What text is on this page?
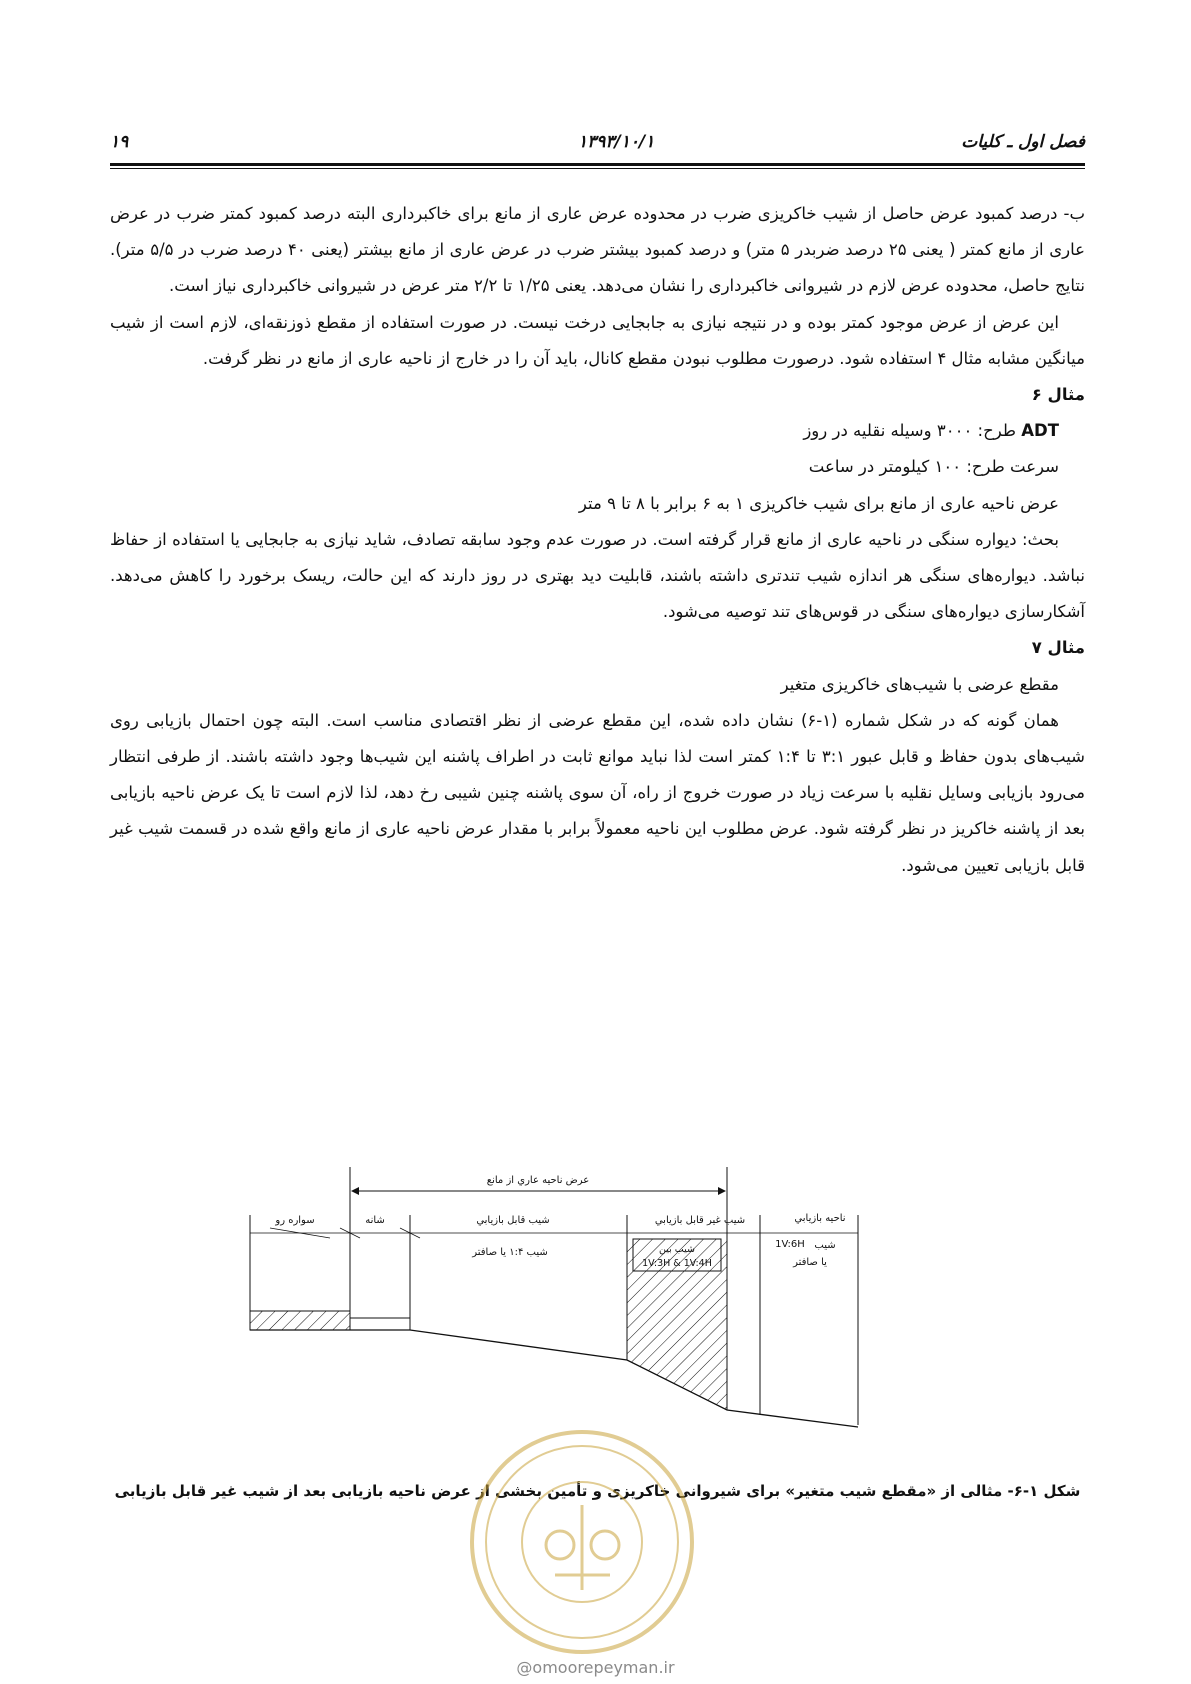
فصل اول ـ کلیات
۱۳۹۳/۱۰/۱
۱۹

ب- درصد کمبود عرض حاصل از شیب خاکریزی ضرب در محدوده عرض عاری از مانع برای خاکبرداری البته درصد کمبود کمتر ضرب در عرض عاری از مانع کمتر ( یعنی ۲۵ درصد ضربدر ۵ متر) و درصد کمبود بیشتر ضرب در عرض عاری از مانع بیشتر (یعنی ۴۰ درصد ضرب در ۵/۵ متر). نتایج حاصل، محدوده عرض لازم در شیروانی خاکبرداری را نشان می‌دهد. یعنی ۱/۲۵ تا ۲/۲ متر عرض در شیروانی خاکبرداری نیاز است.

این عرض از عرض موجود کمتر بوده و در نتیجه نیازی به جابجایی درخت نیست. در صورت استفاده از مقطع ذوزنقه‌ای، لازم است از شیب میانگین مشابه مثال ۴ استفاده شود. درصورت مطلوب نبودن مقطع کانال، باید آن را در خارج از ناحیه عاری از مانع در نظر گرفت.

مثال ۶

ADT طرح: ۳۰۰۰ وسیله نقلیه در روز

سرعت طرح: ۱۰۰ کیلومتر در ساعت

عرض ناحیه عاری از مانع برای شیب خاکریزی ۱ به ۶ برابر با ۸ تا ۹ متر

بحث: دیواره سنگی در ناحیه عاری از مانع قرار گرفته است. در صورت عدم وجود سابقه تصادف، شاید نیازی به جابجایی یا استفاده از حفاظ نباشد. دیواره‌های سنگی هر اندازه شیب تندتری داشته باشند، قابلیت دید بهتری در روز دارند که این حالت، ریسک برخورد را کاهش می‌دهد. آشکارسازی دیواره‌های سنگی در قوس‌های تند توصیه می‌شود.

مثال ۷

مقطع عرضی با شیب‌های خاکریزی متغیر

همان گونه که در شکل شماره (۱-۶) نشان داده شده، این مقطع عرضی از نظر اقتصادی مناسب است. البته چون احتمال بازیابی روی شیب‌های بدون حفاظ و قابل عبور ۳:۱ تا ۱:۴ کمتر است لذا نباید موانع ثابت در اطراف پاشنه این شیب‌ها وجود داشته باشند. از طرفی انتظار می‌رود بازیابی وسایل نقلیه با سرعت زیاد در صورت خروج از راه، آن سوی پاشنه چنین شیبی رخ دهد، لذا لازم است تا یک عرض ناحیه بازیابی بعد از پاشنه خاکریز در نظر گرفته شود. عرض مطلوب این ناحیه معمولاً برابر با مقدار عرض ناحیه عاری از مانع واقع شده در قسمت شیب غیر قابل بازیابی تعیین می‌شود.

عرض ناحيه عاري از مانع
سواره رو	شانه	شيب قابل بازيابي	شيب غير قابل بازيابي	ناحيه بازيابي
شيب ۱:۴ يا صافتر
شيب
1V:6H
يا صافتر
شکل ۱-۶- مثالی از «مقطع شیب متغیر» برای شیروانی خاکریزی و تأمین بخشی از عرض ناحیه بازیابی بعد از شیب غیر قابل بازیابی
@omoorepeyman.ir
